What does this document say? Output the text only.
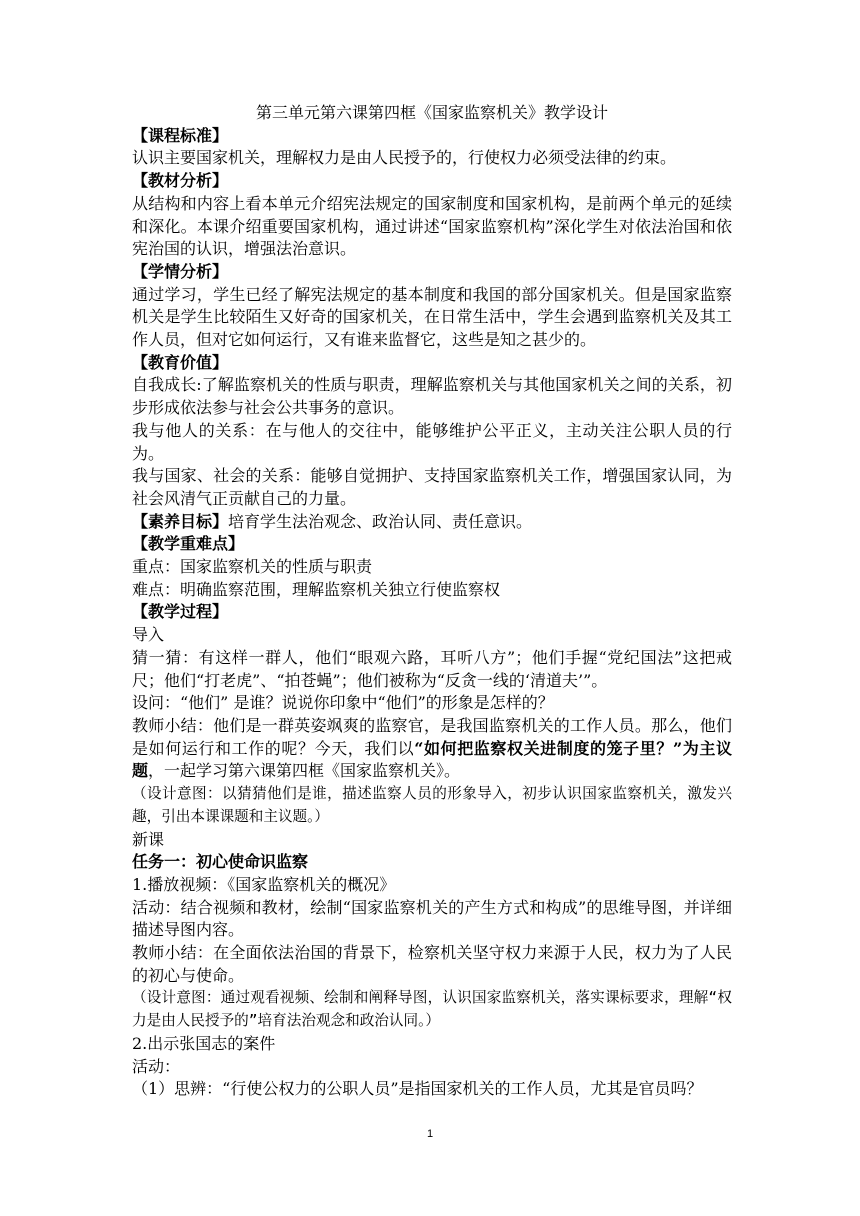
第三单元第六课第四框《国家监察机关》教学设计
【课程标准】
认识主要国家机关，理解权力是由人民授予的，行使权力必须受法律的约束。
【教材分析】
从结构和内容上看本单元介绍宪法规定的国家制度和国家机构，是前两个单元的延续和深化。本课介绍重要国家机构，通过讲述“国家监察机构”深化学生对依法治国和依宪治国的认识，增强法治意识。
【学情分析】
通过学习，学生已经了解宪法规定的基本制度和我国的部分国家机关。但是国家监察机关是学生比较陌生又好奇的国家机关，在日常生活中，学生会遇到监察机关及其工作人员，但对它如何运行，又有谁来监督它，这些是知之甚少的。
【教育价值】
自我成长:了解监察机关的性质与职责，理解监察机关与其他国家机关之间的关系，初步形成依法参与社会公共事务的意识。
我与他人的关系：在与他人的交往中，能够维护公平正义，主动关注公职人员的行为。
我与国家、社会的关系：能够自觉拥护、支持国家监察机关工作，增强国家认同，为社会风清气正贡献自己的力量。
【素养目标】培育学生法治观念、政治认同、责任意识。
【教学重难点】
重点：国家监察机关的性质与职责
难点：明确监察范围，理解监察机关独立行使监察权
【教学过程】
导入
猜一猜：有这样一群人，他们“眼观六路，耳听八方”；他们手握“党纪国法”这把戒尺；他们“打老虎”、“拍苍蝇”；他们被称为“反贪一线的‘清道夫’”。
设问：“他们” 是谁？说说你印象中“他们”的形象是怎样的？
教师小结：他们是一群英姿飒爽的监察官，是我国监察机关的工作人员。那么，他们是如何运行和工作的呢？今天，我们以“如何把监察权关进制度的笼子里？”为主议题，一起学习第六课第四框《国家监察机关》。
（设计意图：以猜猜他们是谁，描述监察人员的形象导入，初步认识国家监察机关，激发兴趣，引出本课课题和主议题。）
新课
任务一：初心使命识监察
1.播放视频：《国家监察机关的概况》
活动：结合视频和教材，绘制“国家监察机关的产生方式和构成”的思维导图，并详细描述导图内容。
教师小结：在全面依法治国的背景下，检察机关坚守权力来源于人民，权力为了人民的初心与使命。
（设计意图：通过观看视频、绘制和阐释导图，认识国家监察机关，落实课标要求，理解“权力是由人民授予的”培育法治观念和政治认同。）
2.出示张国志的案件
活动：
（1）思辨：“行使公权力的公职人员”是指国家机关的工作人员，尤其是官员吗？
1
